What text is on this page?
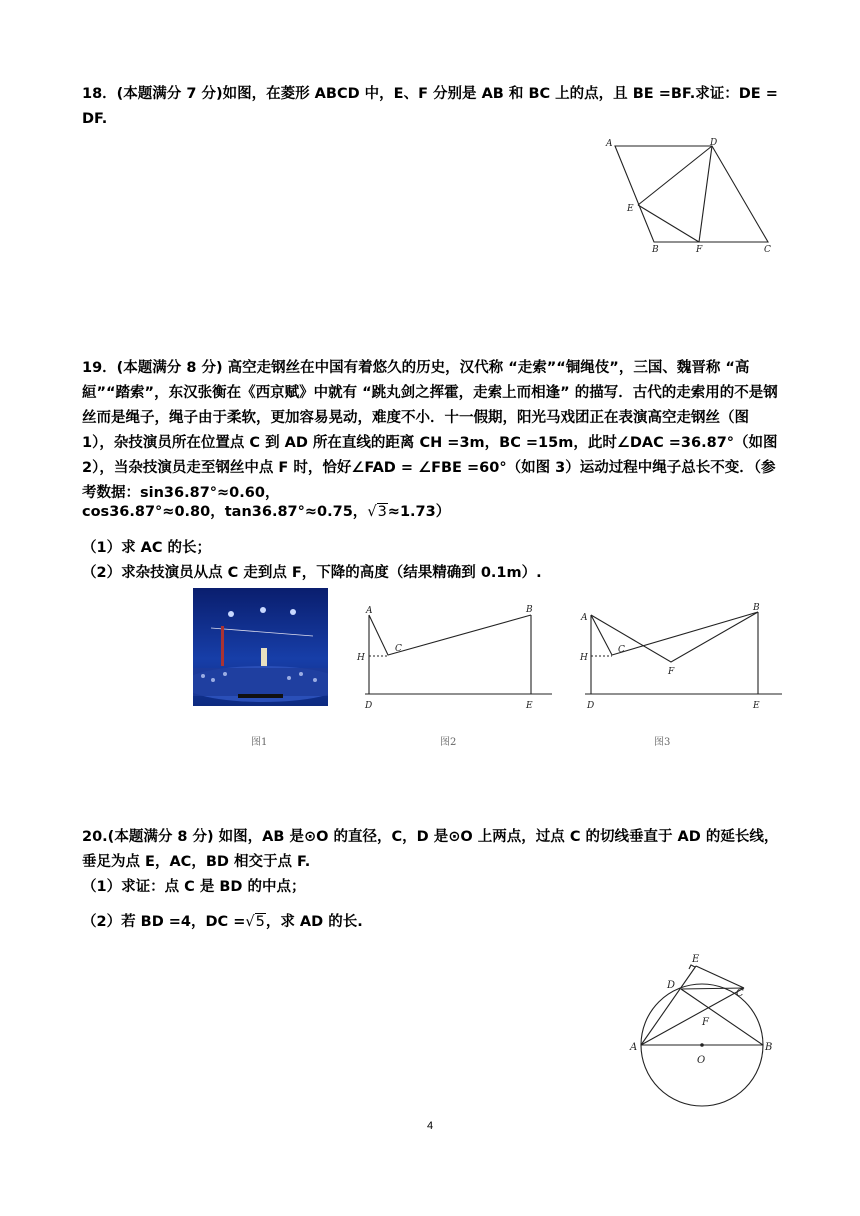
18．(本题满分 7 分)如图，在菱形 ABCD 中，E、F 分别是 AB 和 BC 上的点，且 BE =BF.求证：DE = DF.

A	D
E
B	F	C

19．(本题满分 8 分) 高空走钢丝在中国有着悠久的历史，汉代称 “走索”“铜绳伎”，三国、魏晋称 “高絙”“踏索”，东汉张衡在《西京赋》中就有 “跳丸剑之挥霍，走索上而相逢” 的描写．古代的走索用的不是钢丝而是绳子，绳子由于柔软，更加容易晃动，难度不小．十一假期，阳光马戏团正在表演高空走钢丝（图 1），杂技演员所在位置点 C 到 AD 所在直线的距离 CH =3m，BC =15m，此时∠DAC =36.87°（如图 2），当杂技演员走至钢丝中点 F 时，恰好∠FAD = ∠FBE =60°（如图 3）运动过程中绳子总长不变．（参考数据：sin36.87°≈0.60，

cos36.87°≈0.80，tan36.87°≈0.75，√3≈1.73）
（1）求 AC 的长；
（2）求杂技演员从点 C 走到点 F，下降的高度（结果精确到 0.1m）.
A	B
C
H
D	E
A
B
C
H
F
D	E
图1	图2	图3

20.(本题满分 8 分) 如图，AB 是⊙O 的直径，C，D 是⊙O 上两点，过点 C 的切线垂直于 AD 的延长线，垂足为点 E，AC，BD 相交于点 F.

（1）求证：点 C 是 BD 的中点；
（2）若 BD =4，DC =√5，求 AD 的长.
E
D
C
F
A
O
B
4
